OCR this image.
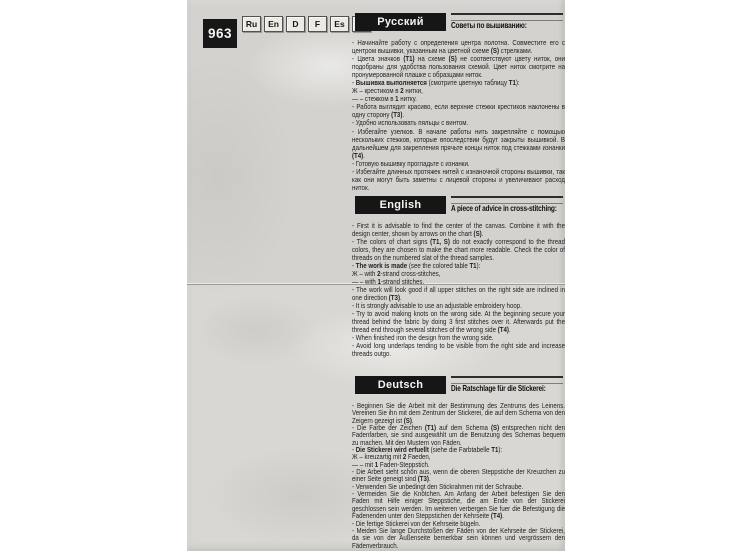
963
Ru	En	D	F	Es	Русский	Советы по вышиванию:

- Начинайте работу с определения центра полотна. Совместите его с центром вышивки, указанным на цветной схеме (S) стрелками.

- Цвета значков (T1) на схеме (S) не соответствуют цвету ниток, они подобраны для удобства пользования схемой. Цвет ниток смотрите на пронумерованной плашке с образцами ниток.

- Вышивка выполняется (смотрите цветную таблицу T1):

Ж – крестиком в 2 нитки,

— – стежком в 1 нитку.

- Работа выглядит красиво, если верхние стежки крестиков наклонены в одну сторону (T3).

- Удобно использовать пяльцы с винтом.

- Избегайте узелков. В начале работы нить закрепляйте с помощью нескольких стежков, которые впоследствии будут закрыты вышивкой. В дальнейшем для закрепления прячьте концы ниток под стежками изнанки (T4).

- Готовую вышивку прогладьте с изнанки.

- Избегайте длинных протяжек нитей с изнаночной стороны вышивки, так как они могут быть заметны с лицевой стороны и увеличивают расход ниток.

English	A piece of advice in cross-stitching:

- First it is advisable to find the center of the canvas. Combine it with the design center, shown by arrows on the chart (S).

- The colors of chart signs (T1, S) do not exactly correspond to the thread colors, they are chosen to make the chart more readable. Check the color of threads on the numbered slat of the thread samples.

- The work is made (see the colored table T1):

Ж – with 2-strand cross-stitches,

— – with 1-strand stitches.

- The work will look good if all upper stitches on the right side are inclined in one direction (T3).

- It is strongly advisable to use an adjustable embroidery hoop.

- Try to avoid making knots on the wrong side. At the beginning secure your thread behind the fabric by doing 3 first stitches over it. Afterwards put the thread end through several stitches of the wrong side (T4).

- When finished iron the design from the wrong side.

- Avoid long underlaps tending to be visible from the right side and increase threads outgo.

Deutsch	Die Ratschlage für die Stickerei:

- Beginnen Sie die Arbeit mit der Bestimmung des Zentrums des Leinens. Vereinen Sie ihn mit dem Zentrum der Stickerei, die auf dem Schema von den Zeigern gezeigt ist (S).

- Die Farbe der Zeichen (T1) auf dem Schema (S) entsprechen nicht den Fadenfarben, sie sind ausgewählt um die Benutzung des Schemas bequem zu machen. Mit den Mustern von Fäden.

- Die Stickerei wird erfuellt (siehe die Farbtabelle T1):

Ж – kreuzartig mit 2 Faeden,

— – mit 1 Faden-Steppstich.

- Die Arbeit sieht schön aus, wenn die oberen Steppstiche der Kreuzchen zu einer Seite geneigt sind (T3).

- Verwenden Sie unbedingt den Stickrahmen mit der Schraube.

- Vermeiden Sie die Knötchen. Am Anfang der Arbeit befestigen Sie den Faden mit Hilfe einiger Steppstiche, die am Ende von der Stickerei geschlossen sein werden. Im weiteren verbergen Sie fuer die Befestigung die Fadenenden unter den Steppstichen der Kehrseite (T4).

- Die fertige Stickerei von der Kehrseite bügeln.

- Meiden Sie lange Durchstoßen der Fäden von der Kehrseite der Stickerei, da sie von der Außenseite bemerkbar sein können und vergrössern den Fädenverbrauch.
